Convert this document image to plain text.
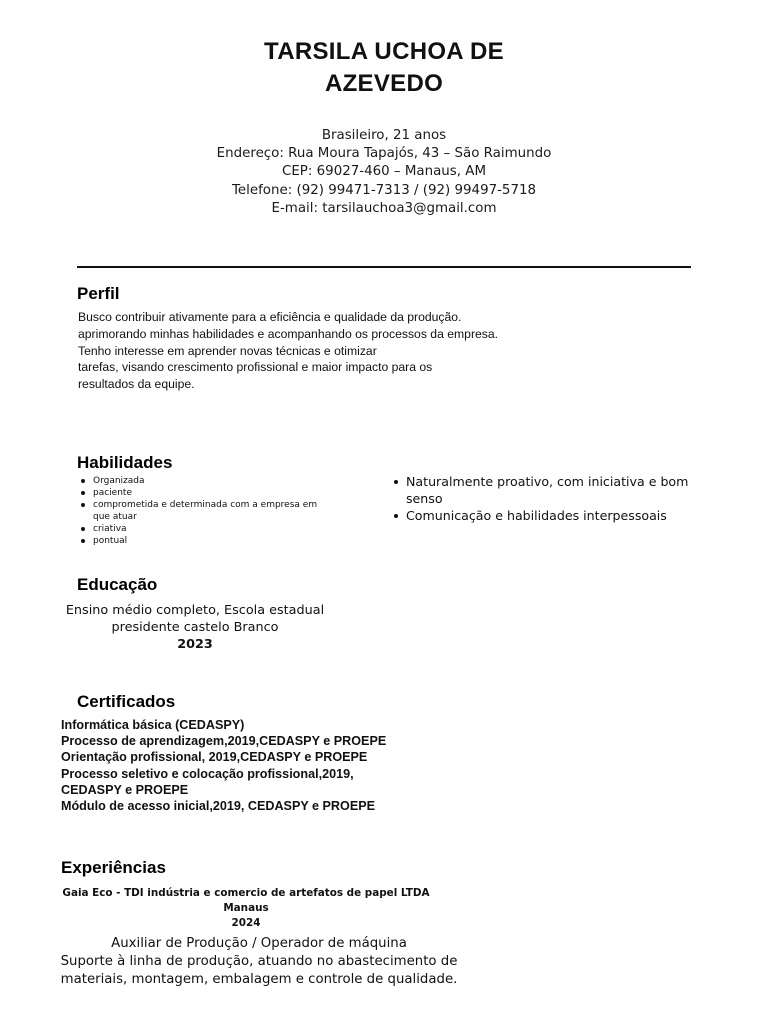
TARSILA UCHOA DE
AZEVEDO
Brasileiro, 21 anos
Endereço: Rua Moura Tapajós, 43 – São Raimundo
CEP: 69027-460 – Manaus, AM
Telefone: (92) 99471-7313 / (92) 99497-5718
E-mail: tarsilauchoa3@gmail.com
Perfil
Busco contribuir ativamente para a eficiência e qualidade da produção.
aprimorando minhas habilidades e acompanhando os processos da empresa.
Tenho interesse em aprender novas técnicas e otimizar
tarefas, visando crescimento profissional e maior impacto para os
resultados da equipe.
Habilidades
Organizada
paciente
comprometida e determinada com a empresa em que atuar
criativa
pontual
Naturalmente proativo, com iniciativa e bom senso
Comunicação e habilidades interpessoais
Educação
Ensino médio completo, Escola estadual
presidente castelo Branco
2023
Certificados
Informática básica (CEDASPY)
Processo de aprendizagem,2019,CEDASPY e PROEPE
Orientação profissional, 2019,CEDASPY e PROEPE
Processo seletivo e colocação profissional,2019,
CEDASPY e PROEPE
Módulo de acesso inicial,2019, CEDASPY e PROEPE
Experiências
Gaia Eco - TDI indústria e comercio de artefatos de papel LTDA
Manaus
2024
Auxiliar de Produção / Operador de máquina
Suporte à linha de produção, atuando no abastecimento de
materiais, montagem, embalagem e controle de qualidade.
